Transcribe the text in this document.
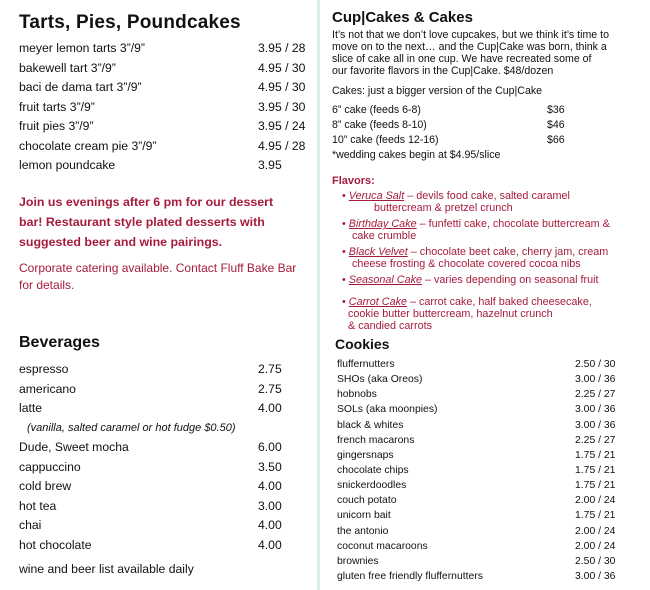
Tarts, Pies, Poundcakes
meyer lemon tarts 3”/9”	3.95 / 28
bakewell tart 3”/9”	4.95 / 30
baci de dama tart 3”/9”	4.95 / 30
fruit tarts 3”/9”	3.95 / 30
fruit pies 3”/9”	3.95 / 24
chocolate cream pie 3”/9”	4.95 / 28
lemon poundcake	3.95
Join us evenings after 6 pm for our dessert
bar! Restaurant style plated desserts with
suggested beer and wine pairings.
Corporate catering available. Contact Fluff Bake Bar
for details.
Beverages
espresso	2.75
americano	2.75
latte	4.00
(vanilla, salted caramel or hot fudge $0.50)
Dude, Sweet mocha	6.00
cappuccino	3.50
cold brew	4.00
hot tea	3.00
chai	4.00
hot chocolate	4.00
wine and beer list available daily
Cup|Cakes & Cakes
It’s not that we don’t love cupcakes, but we think it’s time to
move on to the next… and the Cup|Cake was born, think a
slice of cake all in one cup. We have recreated some of
our favorite flavors in the Cup|Cake. $48/dozen
Cakes: just a bigger version of the Cup|Cake
6” cake (feeds 6-8)	$36
8” cake (feeds 8-10)	$46
10” cake (feeds 12-16)	$66
*wedding cakes begin at $4.95/slice
Flavors:
• Veruca Salt – devils food cake, salted caramel
buttercream & pretzel crunch
• Birthday Cake – funfetti cake, chocolate buttercream &
cake crumble
• Black Velvet – chocolate beet cake, cherry jam, cream
cheese frosting & chocolate covered cocoa nibs
• Seasonal Cake – varies depending on seasonal fruit
• Carrot Cake – carrot cake, half baked cheesecake,
cookie butter buttercream, hazelnut crunch
& candied carrots
Cookies
fluffernutters	2.50 / 30
SHOs (aka Oreos)	3.00 / 36
hobnobs	2.25 / 27
SOLs (aka moonpies)	3.00 / 36
black & whites	3.00 / 36
french macarons	2.25 / 27
gingersnaps	1.75 / 21
chocolate chips	1.75 / 21
snickerdoodles	1.75 / 21
couch potato	2.00 / 24
unicorn bait	1.75 / 21
the antonio	2.00 / 24
coconut macaroons	2.00 / 24
brownies	2.50 / 30
gluten free friendly fluffernutters	3.00 / 36
